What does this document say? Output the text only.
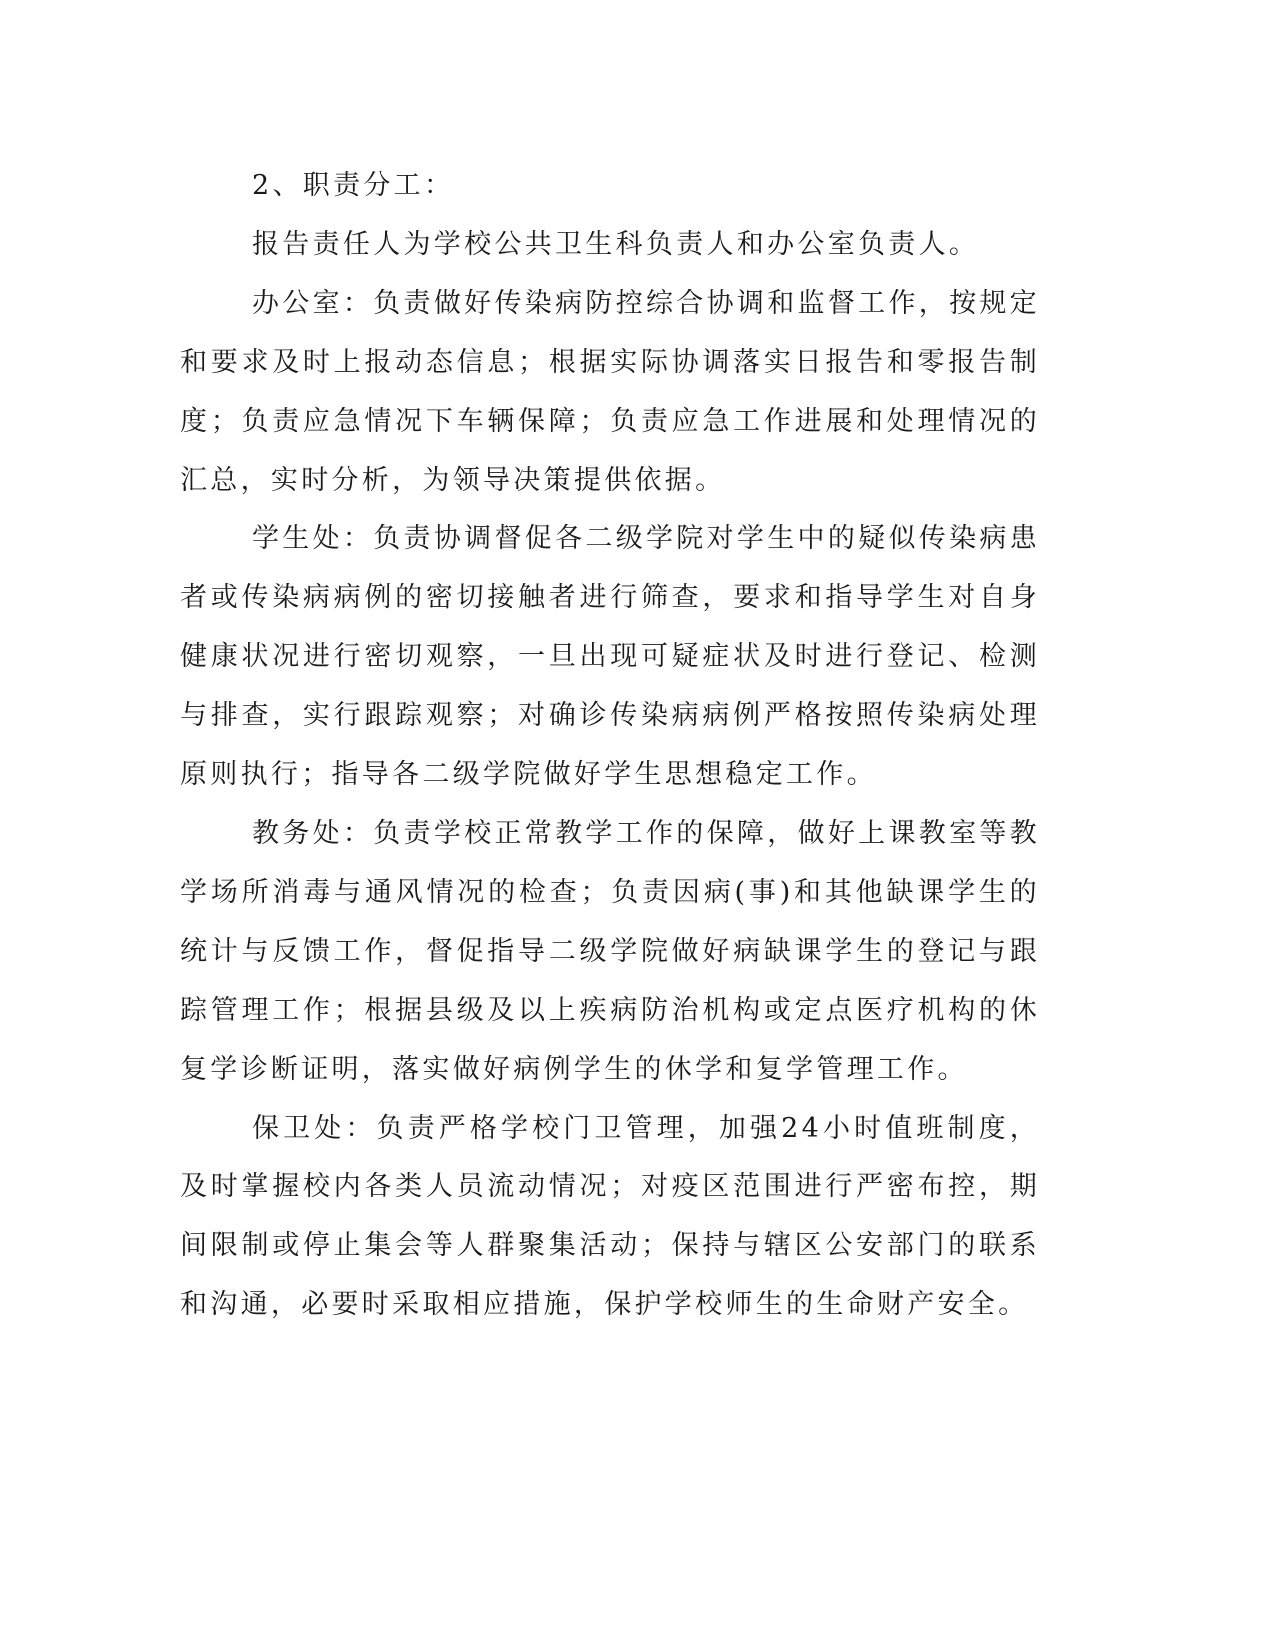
2、职责分工：

报告责任人为学校公共卫生科负责人和办公室负责人。

办公室：负责做好传染病防控综合协调和监督工作，按规定和要求及时上报动态信息；根据实际协调落实日报告和零报告制度；负责应急情况下车辆保障；负责应急工作进展和处理情况的汇总，实时分析，为领导决策提供依据。

学生处：负责协调督促各二级学院对学生中的疑似传染病患者或传染病病例的密切接触者进行筛查，要求和指导学生对自身健康状况进行密切观察，一旦出现可疑症状及时进行登记、检测与排查，实行跟踪观察；对确诊传染病病例严格按照传染病处理原则执行；指导各二级学院做好学生思想稳定工作。

教务处：负责学校正常教学工作的保障，做好上课教室等教学场所消毒与通风情况的检查；负责因病(事)和其他缺课学生的统计与反馈工作，督促指导二级学院做好病缺课学生的登记与跟踪管理工作；根据县级及以上疾病防治机构或定点医疗机构的休复学诊断证明，落实做好病例学生的休学和复学管理工作。

保卫处：负责严格学校门卫管理，加强24小时值班制度，及时掌握校内各类人员流动情况；对疫区范围进行严密布控，期间限制或停止集会等人群聚集活动；保持与辖区公安部门的联系和沟通，必要时采取相应措施，保护学校师生的生命财产安全。
